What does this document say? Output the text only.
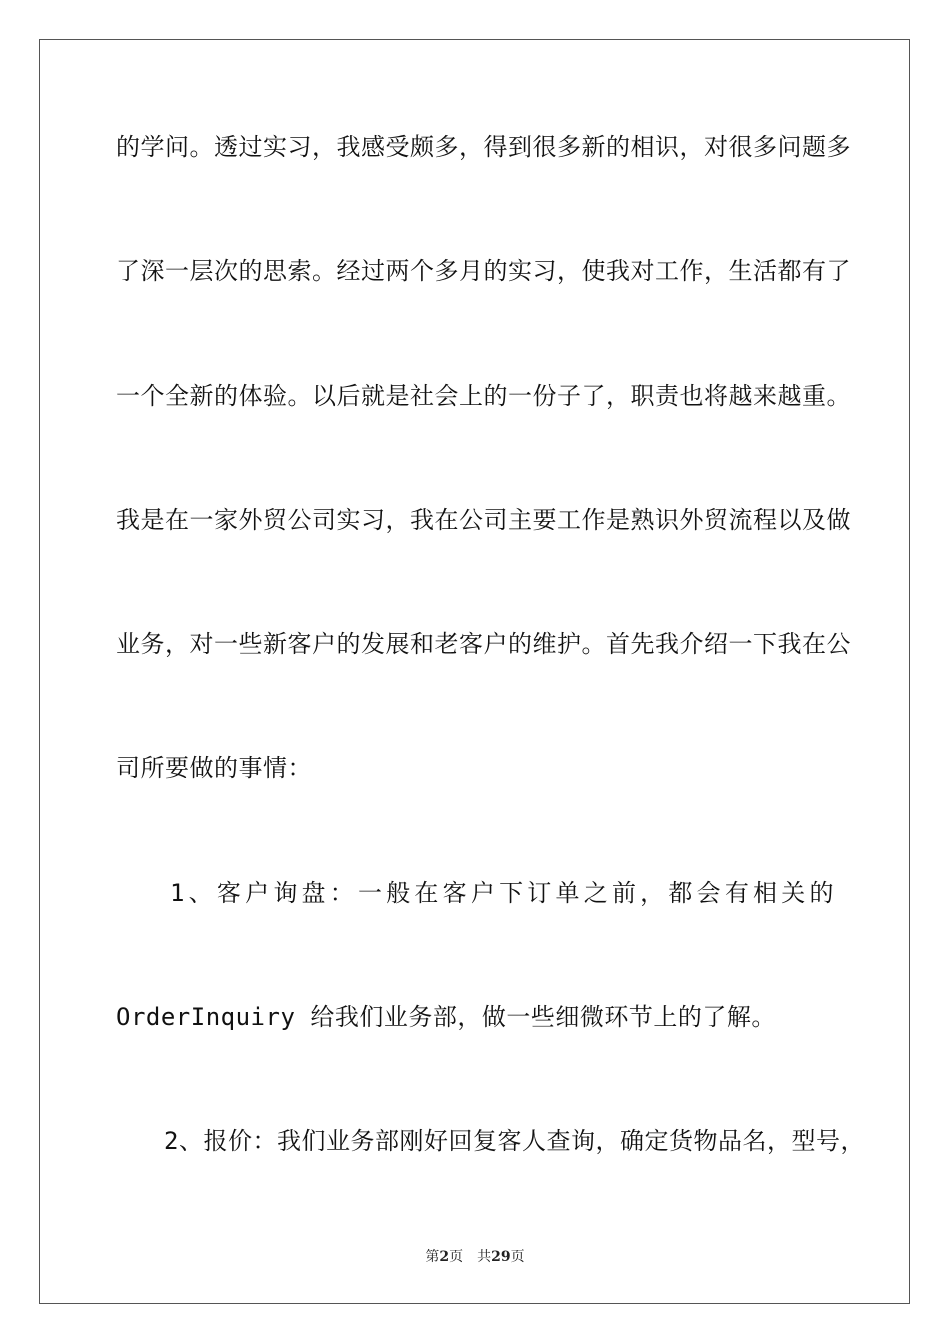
的学问。透过实习，我感受颇多，得到很多新的相识，对很多问题多
了深一层次的思索。经过两个多月的实习，使我对工作，生活都有了
一个全新的体验。以后就是社会上的一份子了，职责也将越来越重。
我是在一家外贸公司实习，我在公司主要工作是熟识外贸流程以及做
业务，对一些新客户的发展和老客户的维护。首先我介绍一下我在公
司所要做的事情：
1、客户询盘：一般在客户下订单之前，都会有相关的
OrderInquiry 给我们业务部，做一些细微环节上的了解。
2、报价：我们业务部刚好回复客人查询，确定货物品名，型号，
第2页 共29页
